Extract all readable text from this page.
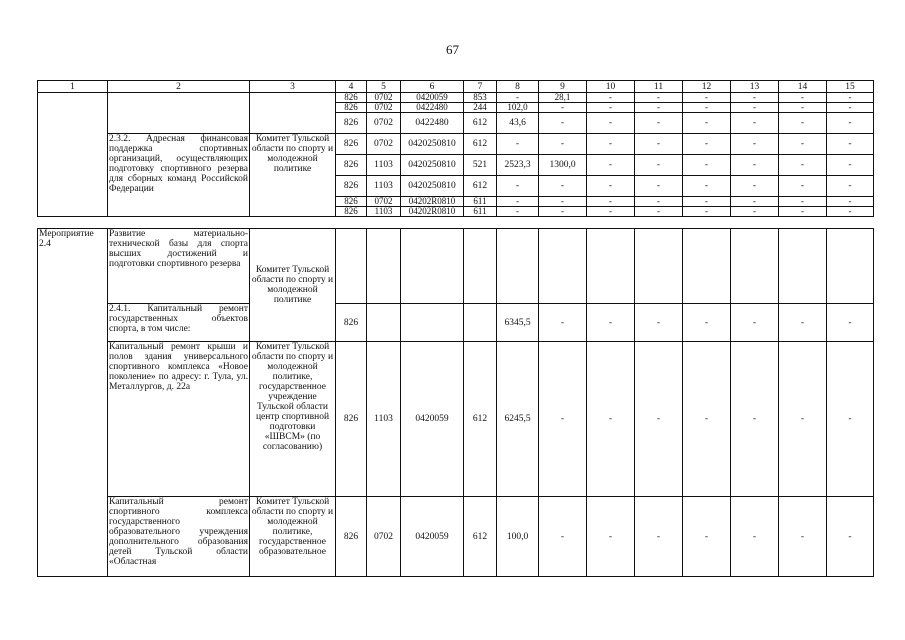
67
1	2	3	4	5	6	7	8	9	10	11	12	13	14	15	
			826	0702	0420059	853	-	28,1	-	-	-	-	-	-	
			826	0702	0422480	244	102,0	-	-	-	-	-	-	-	
			826	0702	0422480	612	43,6	-	-	-	-	-	-	-	
	2.3.2. Адресная финансовая поддержка спортивных организаций, осуществляющих подготовку спортивного резерва для сборных команд Российской Федерации	Комитет Тульской области по спорту и молодежной политике	826	0702	0420250810	612	-	-	-	-	-	-	-	-	
			826	1103	0420250810	521	2523,3	1300,0	-	-	-	-	-	-	
			826	1103	0420250810	612	-	-	-	-	-	-	-	-	
			826	0702	04202R0810	611	-	-	-	-	-	-	-	-	
			826	1103	04202R0810	611	-	-	-	-	-	-	-	-	
Мероприятие 2.4	Развитие материально-технической базы для спорта высших достижений и подготовки спортивного резерва	Комитет Тульской области по спорту и молодежной политике													
	2.4.1. Капитальный ремонт государственных объектов спорта, в том числе:		826				6345,5	-	-	-	-	-	-	-	
	Капитальный ремонт крыши и полов здания универсального спортивного комплекса «Новое поколение» по адресу: г. Тула, ул. Металлургов, д. 22а	Комитет Тульской области по спорту и молодежной политике, государственное учреждение Тульской области центр спортивной подготовки «ШВСМ» (по согласованию)	826	1103	0420059	612	6245,5	-	-	-	-	-	-	-	
	Капитальный ремонт спортивного комплекса государственного образовательного учреждения дополнительного образования детей Тульской области «Областная	Комитет Тульской области по спорту и молодежной политике, государственное образовательное	826	0702	0420059	612	100,0	-	-	-	-	-	-	-	
